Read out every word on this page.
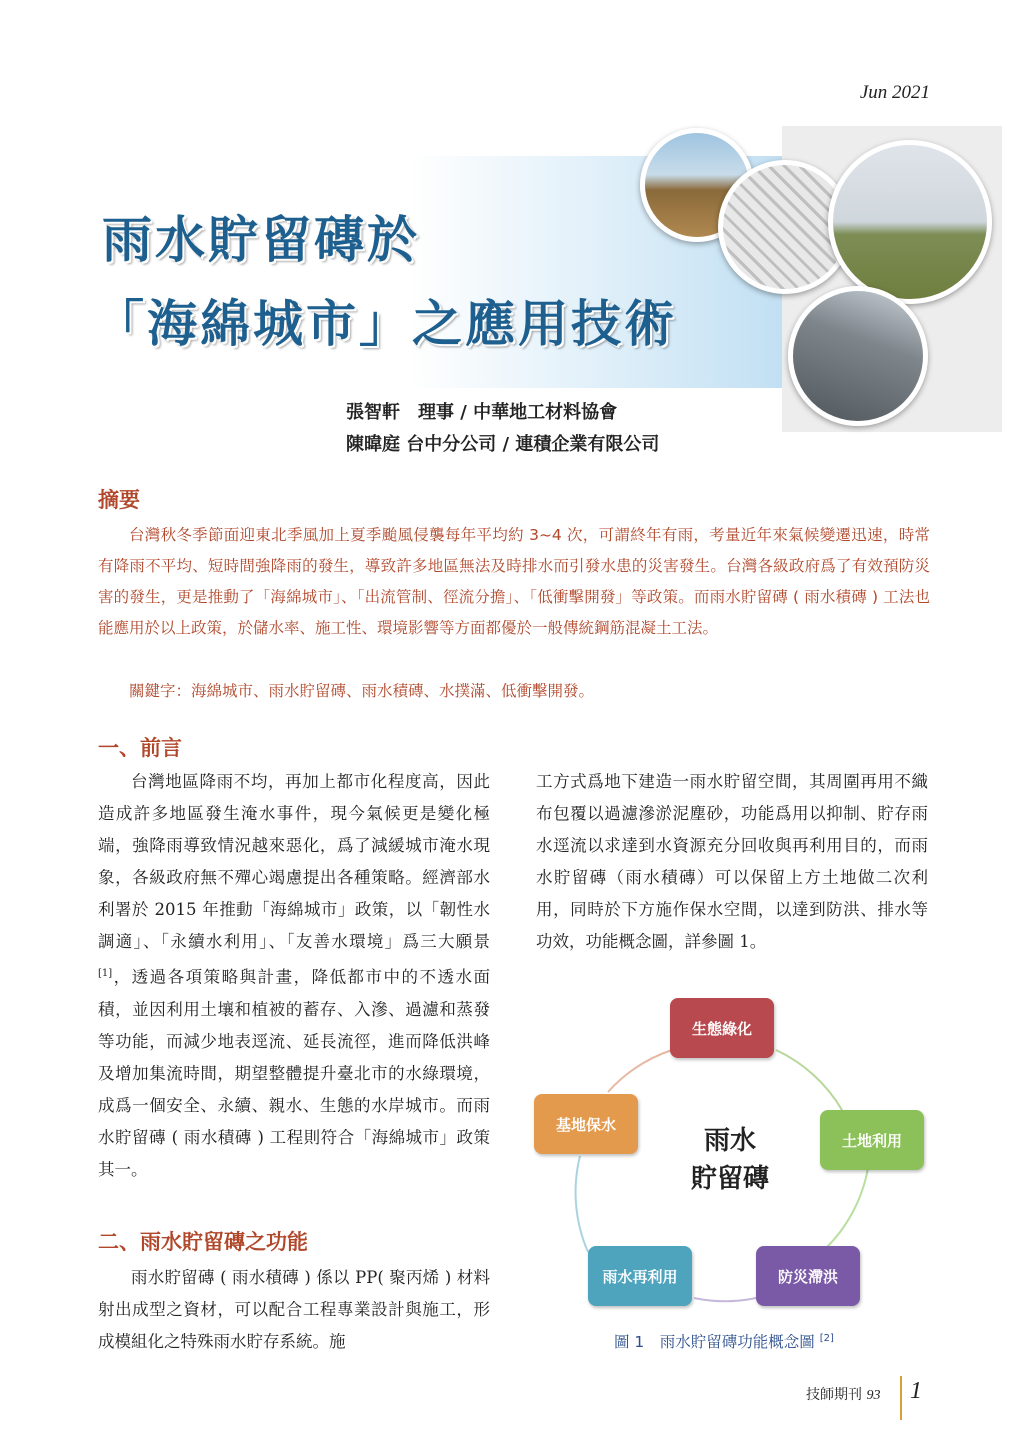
Jun 2021
雨水貯留磚於
「海綿城市」之應用技術
張智軒　理事 / 中華地工材料協會
陳暐庭 台中分公司 / 連積企業有限公司
摘要
台灣秋冬季節面迎東北季風加上夏季颱風侵襲每年平均約 3~4 次，可謂終年有雨，考量近年來氣候變遷迅速，時常有降雨不平均、短時間強降雨的發生，導致許多地區無法及時排水而引發水患的災害發生。台灣各級政府爲了有效預防災害的發生，更是推動了「海綿城市」、「出流管制、徑流分擔」、「低衝擊開發」等政策。而雨水貯留磚 ( 雨水積磚 ) 工法也能應用於以上政策，於儲水率、施工性、環境影響等方面都優於一般傳統鋼筋混凝土工法。
關鍵字：海綿城市、雨水貯留磚、雨水積磚、水撲滿、低衝擊開發。
一、前言
台灣地區降雨不均，再加上都市化程度高，因此造成許多地區發生淹水事件，現今氣候更是變化極端，強降雨導致情況越來惡化，爲了減緩城市淹水現象，各級政府無不殫心竭慮提出各種策略。經濟部水利署於 2015 年推動「海綿城市」政策，以「韌性水調適」、「永續水利用」、「友善水環境」爲三大願景 [1]，透過各項策略與計畫，降低都市中的不透水面積，並因利用土壤和植被的蓄存、入滲、過濾和蒸發等功能，而減少地表逕流、延長流徑，進而降低洪峰及增加集流時間，期望整體提升臺北市的水綠環境，成爲一個安全、永續、親水、生態的水岸城市。而雨水貯留磚 ( 雨水積磚 ) 工程則符合「海綿城市」政策其一。
工方式爲地下建造一雨水貯留空間，其周圍再用不織布包覆以過濾滲淤泥塵砂，功能爲用以抑制、貯存雨水逕流以求達到水資源充分回收與再利用目的，而雨水貯留磚（雨水積磚）可以保留上方土地做二次利用，同時於下方施作保水空間，以達到防洪、排水等功效，功能概念圖，詳參圖 1。
二、雨水貯留磚之功能
雨水貯留磚 ( 雨水積磚 ) 係以 PP( 聚丙烯 ) 材料射出成型之資材，可以配合工程專業設計與施工，形成模組化之特殊雨水貯存系統。施
生態綠化
土地利用
防災滯洪
雨水再利用
基地保水
雨水
貯留磚
圖 1　雨水貯留磚功能概念圖 [2]
技師期刊 93 1
